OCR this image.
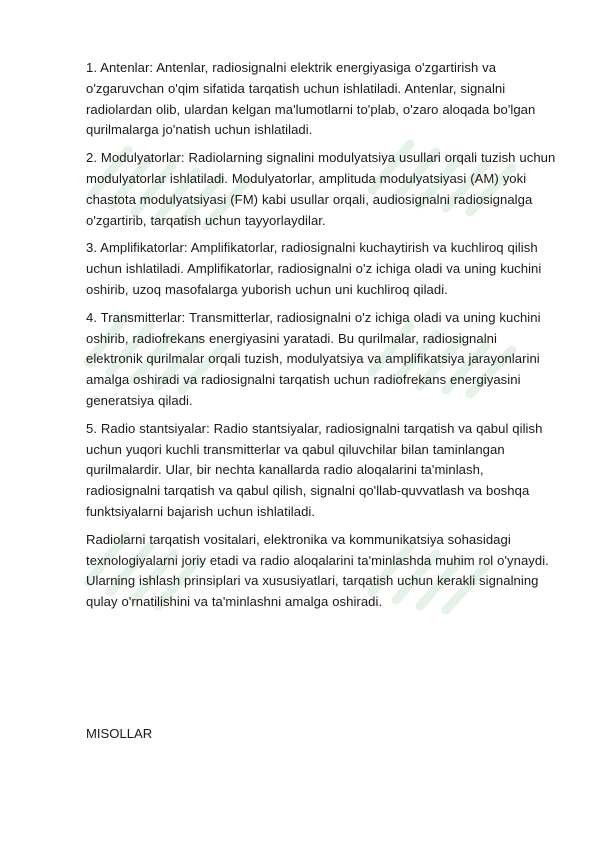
1. Antenlar: Antenlar, radiosignalni elektrik energiyasiga o'zgartirish va o'zgaruvchan o'qim sifatida tarqatish uchun ishlatiladi. Antenlar, signalni radiolardan olib, ulardan kelgan ma'lumotlarni to'plab, o'zaro aloqada bo'lgan qurilmalarga jo'natish uchun ishlatiladi.

2. Modulyatorlar: Radiolarning signalini modulyatsiya usullari orqali tuzish uchun modulyatorlar ishlatiladi. Modulyatorlar, amplituda modulyatsiyasi (AM) yoki chastota modulyatsiyasi (FM) kabi usullar orqali, audiosignalni radiosignalga o'zgartirib, tarqatish uchun tayyorlaydilar.

3. Amplifikatorlar: Amplifikatorlar, radiosignalni kuchaytirish va kuchliroq qilish uchun ishlatiladi. Amplifikatorlar, radiosignalni o'z ichiga oladi va uning kuchini oshirib, uzoq masofalarga yuborish uchun uni kuchliroq qiladi.

4. Transmitterlar: Transmitterlar, radiosignalni o'z ichiga oladi va uning kuchini oshirib, radiofrekans energiyasini yaratadi. Bu qurilmalar, radiosignalni elektronik qurilmalar orqali tuzish, modulyatsiya va amplifikatsiya jarayonlarini amalga oshiradi va radiosignalni tarqatish uchun radiofrekans energiyasini generatsiya qiladi.

5. Radio stantsiyalar: Radio stantsiyalar, radiosignalni tarqatish va qabul qilish uchun yuqori kuchli transmitterlar va qabul qiluvchilar bilan taminlangan qurilmalardir. Ular, bir nechta kanallarda radio aloqalarini ta'minlash, radiosignalni tarqatish va qabul qilish, signalni qo'llab-quvvatlash va boshqa funktsiyalarni bajarish uchun ishlatiladi.

Radiolarni tarqatish vositalari, elektronika va kommunikatsiya sohasidagi texnologiyalarni joriy etadi va radio aloqalarini ta'minlashda muhim rol o'ynaydi. Ularning ishlash prinsiplari va xususiyatlari, tarqatish uchun kerakli signalning qulay o'rnatilishini va ta'minlashni amalga oshiradi.

MISOLLAR
